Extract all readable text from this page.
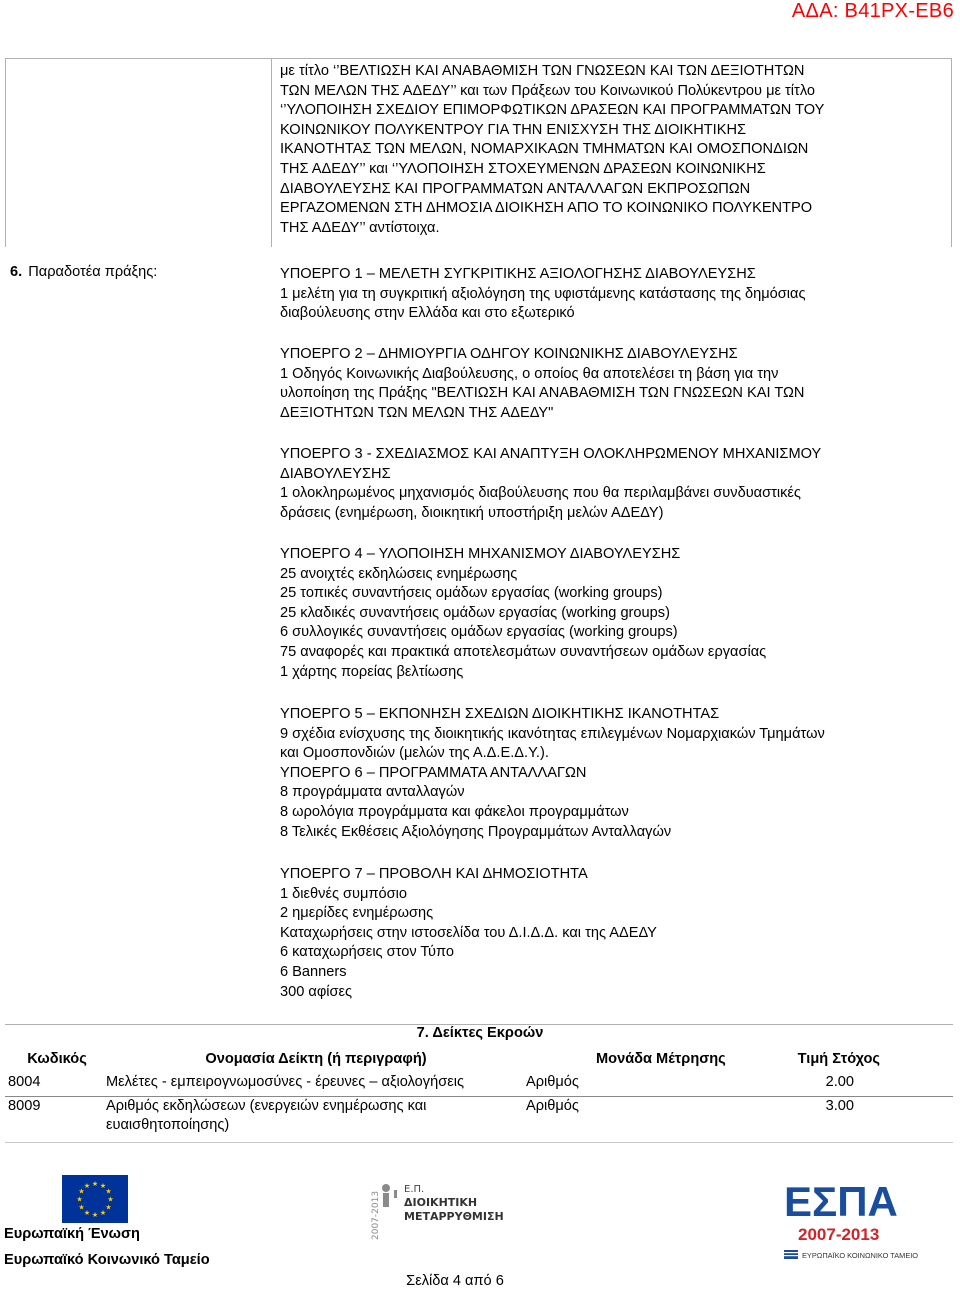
ΑΔΑ: Β41ΡΧ-ΕΒ6
με τίτλο ‘’ΒΕΛΤΙΩΣΗ ΚΑΙ ΑΝΑΒΑΘΜΙΣΗ ΤΩΝ ΓΝΩΣΕΩΝ ΚΑΙ ΤΩΝ ΔΕΞΙΟΤΗΤΩΝ
ΤΩΝ ΜΕΛΩΝ ΤΗΣ ΑΔΕΔΥ’’ και των Πράξεων του Κοινωνικού Πολύκεντρου με τίτλο
‘’ΥΛΟΠΟΙΗΣΗ ΣΧΕΔΙΟΥ ΕΠΙΜΟΡΦΩΤΙΚΩΝ ΔΡΑΣΕΩΝ ΚΑΙ ΠΡΟΓΡΑΜΜΑΤΩΝ ΤΟΥ
ΚΟΙΝΩΝΙΚΟΥ ΠΟΛΥΚΕΝΤΡΟΥ ΓΙΑ ΤΗΝ ΕΝΙΣΧΥΣΗ ΤΗΣ ΔΙΟΙΚΗΤΙΚΗΣ
ΙΚΑΝΟΤΗΤΑΣ ΤΩΝ ΜΕΛΩΝ, ΝΟΜΑΡΧΙΚΑΩΝ ΤΜΗΜΑΤΩΝ ΚΑΙ ΟΜΟΣΠΟΝΔΙΩΝ
ΤΗΣ ΑΔΕΔΥ’’ και ‘’ΥΛΟΠΟΙΗΣΗ ΣΤΟΧΕΥΜΕΝΩΝ ΔΡΑΣΕΩΝ ΚΟΙΝΩΝΙΚΗΣ
ΔΙΑΒΟΥΛΕΥΣΗΣ ΚΑΙ ΠΡΟΓΡΑΜΜΑΤΩΝ ΑΝΤΑΛΛΑΓΩΝ ΕΚΠΡΟΣΩΠΩΝ
ΕΡΓΑΖΟΜΕΝΩΝ ΣΤΗ ΔΗΜΟΣΙΑ ΔΙΟΙΚΗΣΗ ΑΠΟ ΤΟ ΚΟΙΝΩΝΙΚΟ ΠΟΛΥΚΕΝΤΡΟ
ΤΗΣ ΑΔΕΔΥ’’ αντίστοιχα.
6. Παραδοτέα πράξης:	ΥΠΟΕΡΓΟ 1 – ΜΕΛΕΤΗ ΣΥΓΚΡΙΤΙΚΗΣ ΑΞΙΟΛΟΓΗΣΗΣ ΔΙΑΒΟΥΛΕΥΣΗΣ
1 μελέτη για τη συγκριτική αξιολόγηση της υφιστάμενης κατάστασης της δημόσιας
διαβούλευσης στην Ελλάδα και στο εξωτερικό
ΥΠΟΕΡΓΟ 2 – ΔΗΜΙΟΥΡΓΙΑ ΟΔΗΓΟΥ ΚΟΙΝΩΝΙΚΗΣ ΔΙΑΒΟΥΛΕΥΣΗΣ
1 Οδηγός Κοινωνικής Διαβούλευσης, ο οποίος θα αποτελέσει τη βάση για την
υλοποίηση της Πράξης "ΒΕΛΤΙΩΣΗ ΚΑΙ ΑΝΑΒΑΘΜΙΣΗ ΤΩΝ ΓΝΩΣΕΩΝ ΚΑΙ ΤΩΝ
ΔΕΞΙΟΤΗΤΩΝ ΤΩΝ ΜΕΛΩΝ ΤΗΣ ΑΔΕΔΥ"
ΥΠΟΕΡΓΟ 3 - ΣΧΕΔΙΑΣΜΟΣ ΚΑΙ ΑΝΑΠΤΥΞΗ ΟΛΟΚΛΗΡΩΜΕΝΟΥ ΜΗΧΑΝΙΣΜΟΥ
ΔΙΑΒΟΥΛΕΥΣΗΣ
1 ολοκληρωμένος μηχανισμός διαβούλευσης που θα περιλαμβάνει συνδυαστικές
δράσεις (ενημέρωση, διοικητική υποστήριξη μελών ΑΔΕΔΥ)
ΥΠΟΕΡΓΟ 4 – ΥΛΟΠΟΙΗΣΗ ΜΗΧΑΝΙΣΜΟΥ ΔΙΑΒΟΥΛΕΥΣΗΣ
25 ανοιχτές εκδηλώσεις ενημέρωσης
25 τοπικές συναντήσεις ομάδων εργασίας (working groups)
25 κλαδικές συναντήσεις ομάδων εργασίας (working groups)
6 συλλογικές συναντήσεις ομάδων εργασίας (working groups)
75 αναφορές και πρακτικά αποτελεσμάτων συναντήσεων ομάδων εργασίας
1 χάρτης πορείας βελτίωσης
ΥΠΟΕΡΓΟ 5 – ΕΚΠΟΝΗΣΗ ΣΧΕΔΙΩΝ ΔΙΟΙΚΗΤΙΚΗΣ ΙΚΑΝΟΤΗΤΑΣ
9 σχέδια ενίσχυσης της διοικητικής ικανότητας επιλεγμένων Νομαρχιακών Τμημάτων
και Ομοσπονδιών (μελών της Α.Δ.Ε.Δ.Υ.).
ΥΠΟΕΡΓΟ 6 – ΠΡΟΓΡΑΜΜΑΤΑ ΑΝΤΑΛΛΑΓΩΝ
8 προγράμματα ανταλλαγών
8 ωρολόγια προγράμματα και φάκελοι προγραμμάτων
8 Τελικές Εκθέσεις Αξιολόγησης Προγραμμάτων Ανταλλαγών
ΥΠΟΕΡΓΟ 7 – ΠΡΟΒΟΛΗ ΚΑΙ ΔΗΜΟΣΙΟΤΗΤΑ
1 διεθνές συμπόσιο
2 ημερίδες ενημέρωσης
Καταχωρήσεις στην ιστοσελίδα του Δ.Ι.Δ.Δ. και της ΑΔΕΔΥ
6 καταχωρήσεις στον Τύπο
6 Banners
300 αφίσες
7. Δείκτες Εκροών
Κωδικός	Ονομασία Δείκτη (ή περιγραφή)	Μονάδα Μέτρησης	Τιμή Στόχος
8004	Μελέτες - εμπειρογνωμοσύνες - έρευνες – αξιολογήσεις	Αριθμός	2.00
8009	Αριθμός εκδηλώσεων (ενεργειών ενημέρωσης και ευαισθητοποίησης)	Αριθμός	3.00
★ ★
★
★
★
★
★
★
★
★
★
★
Ευρωπαϊκή Ένωση
Ευρωπαϊκό Κοινωνικό Ταμείο
2007-2013
Ε.Π.
ΔΙΟΙΚΗΤΙΚΗ
ΜΕΤΑΡΡΥΘΜΙΣΗ	ΕΣΠΑ
2007-2013
ΕΥΡΩΠΑΪΚΟ ΚΟΙΝΩΝΙΚΟ ΤΑΜΕΙΟ
Σελίδα 4 από 6
